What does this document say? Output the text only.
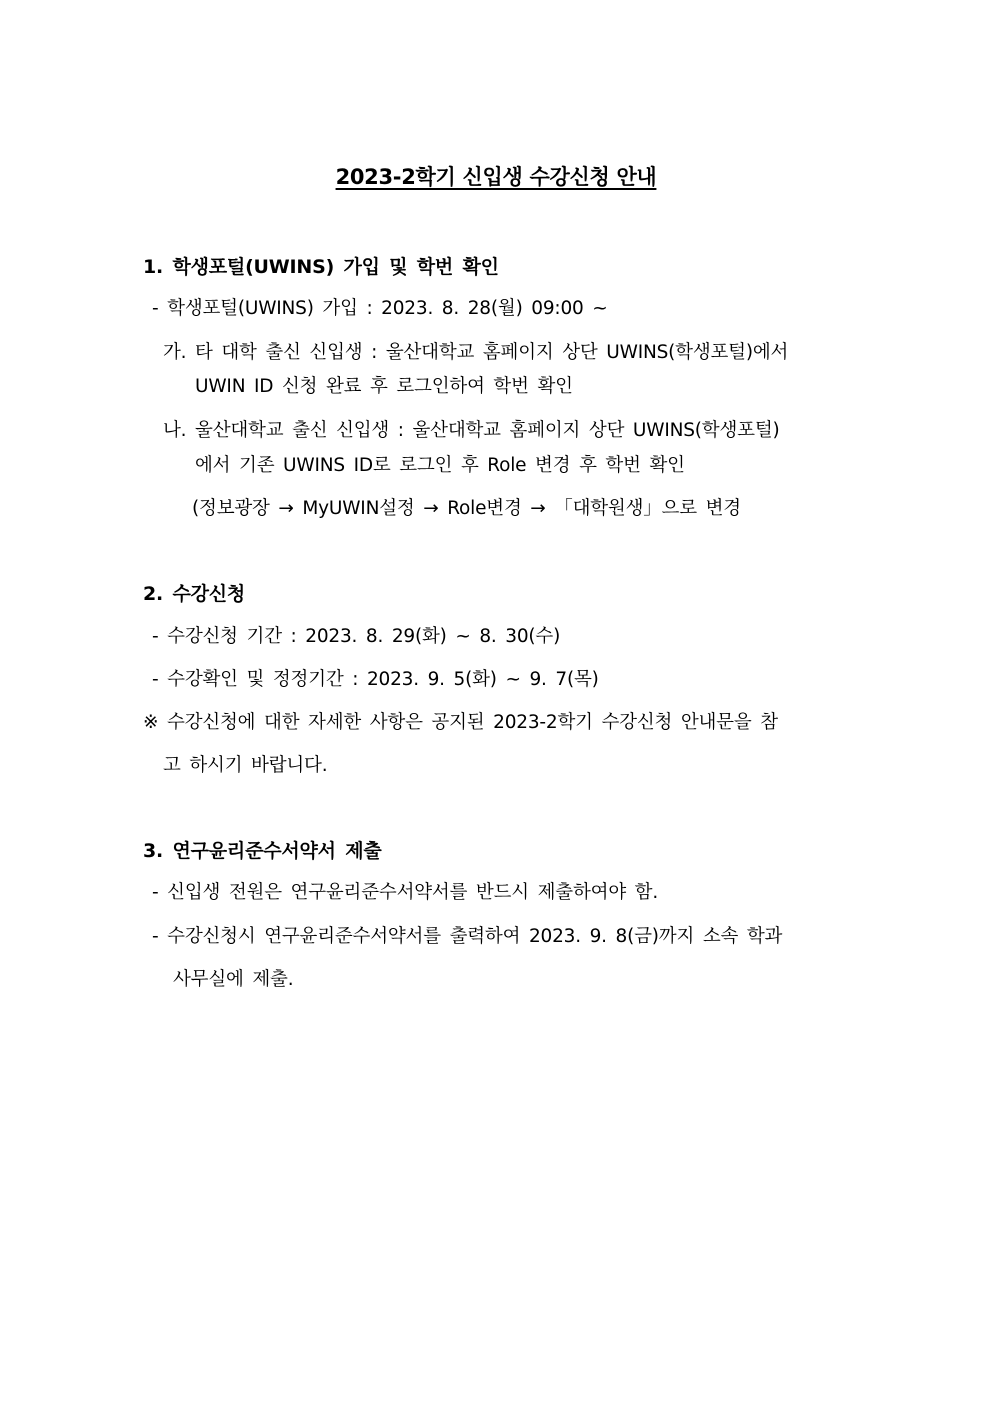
2023-2학기 신입생 수강신청 안내
1. 학생포털(UWINS) 가입 및 학번 확인
- 학생포털(UWINS) 가입 : 2023. 8. 28(월) 09:00 ~
가. 타 대학 출신 신입생 : 울산대학교 홈페이지 상단 UWINS(학생포털)에서
UWIN ID 신청 완료 후 로그인하여 학번 확인
나. 울산대학교 출신 신입생 : 울산대학교 홈페이지 상단 UWINS(학생포털)
에서 기존 UWINS ID로 로그인 후 Role 변경 후 학번 확인
(정보광장 → MyUWIN설정 → Role변경 → 「대학원생」으로 변경
2. 수강신청
- 수강신청 기간 : 2023. 8. 29(화) ~ 8. 30(수)
- 수강확인 및 정정기간 : 2023. 9. 5(화) ~ 9. 7(목)
※ 수강신청에 대한 자세한 사항은 공지된 2023-2학기 수강신청 안내문을 참
고 하시기 바랍니다.
3. 연구윤리준수서약서 제출
- 신입생 전원은 연구윤리준수서약서를 반드시 제출하여야 함.
- 수강신청시 연구윤리준수서약서를 출력하여 2023. 9. 8(금)까지 소속 학과
사무실에 제출.
